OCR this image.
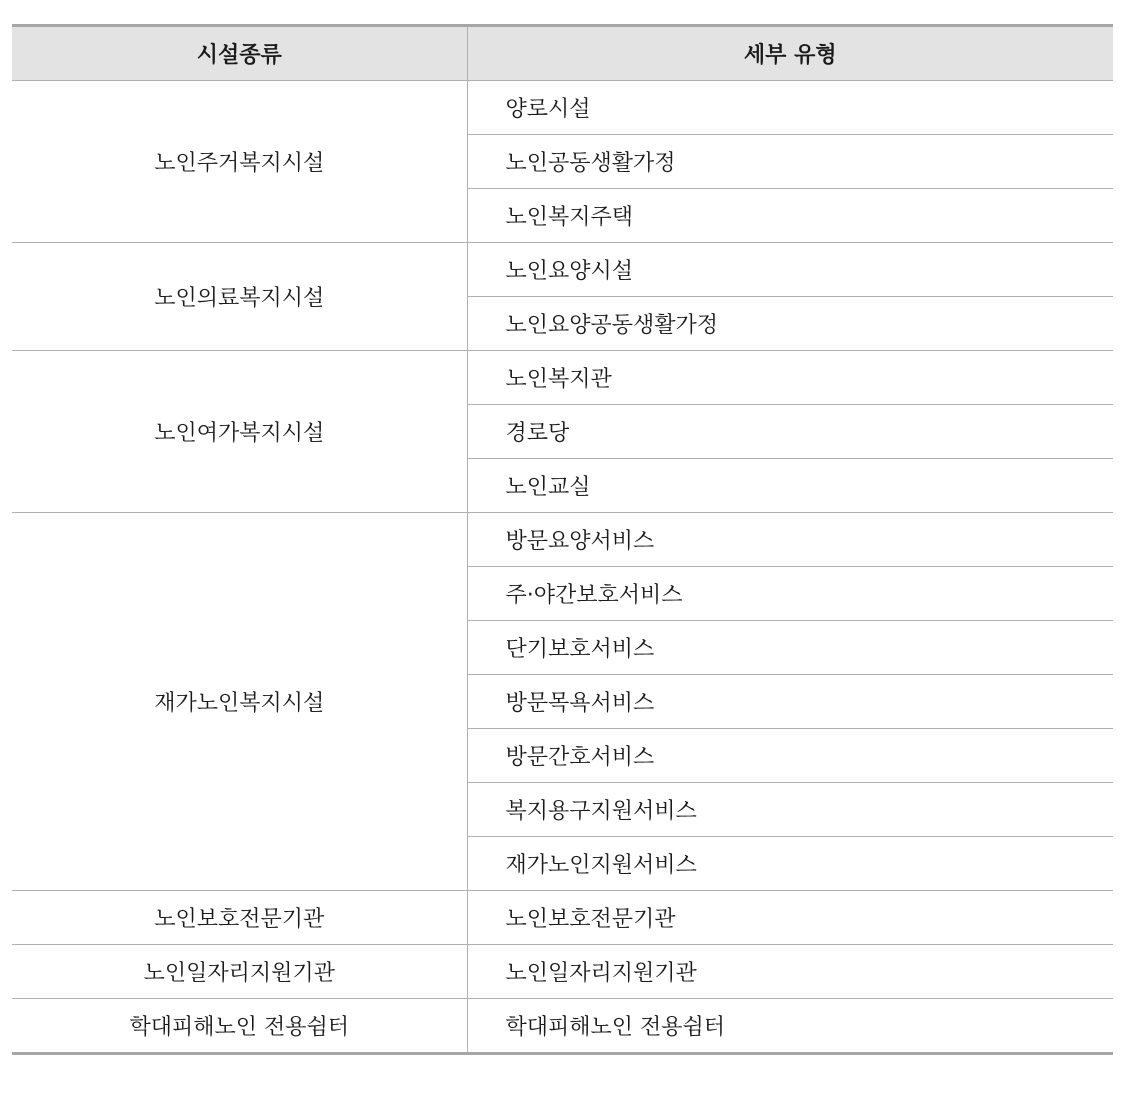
시설종류	세부 유형
노인주거복지시설	양로시설
	노인공동생활가정
	노인복지주택
노인의료복지시설	노인요양시설
	노인요양공동생활가정
노인여가복지시설	노인복지관
	경로당
	노인교실
재가노인복지시설	방문요양서비스
	주·야간보호서비스
	단기보호서비스
	방문목욕서비스
	방문간호서비스
	복지용구지원서비스
	재가노인지원서비스
노인보호전문기관	노인보호전문기관
노인일자리지원기관	노인일자리지원기관
학대피해노인 전용쉼터	학대피해노인 전용쉼터
